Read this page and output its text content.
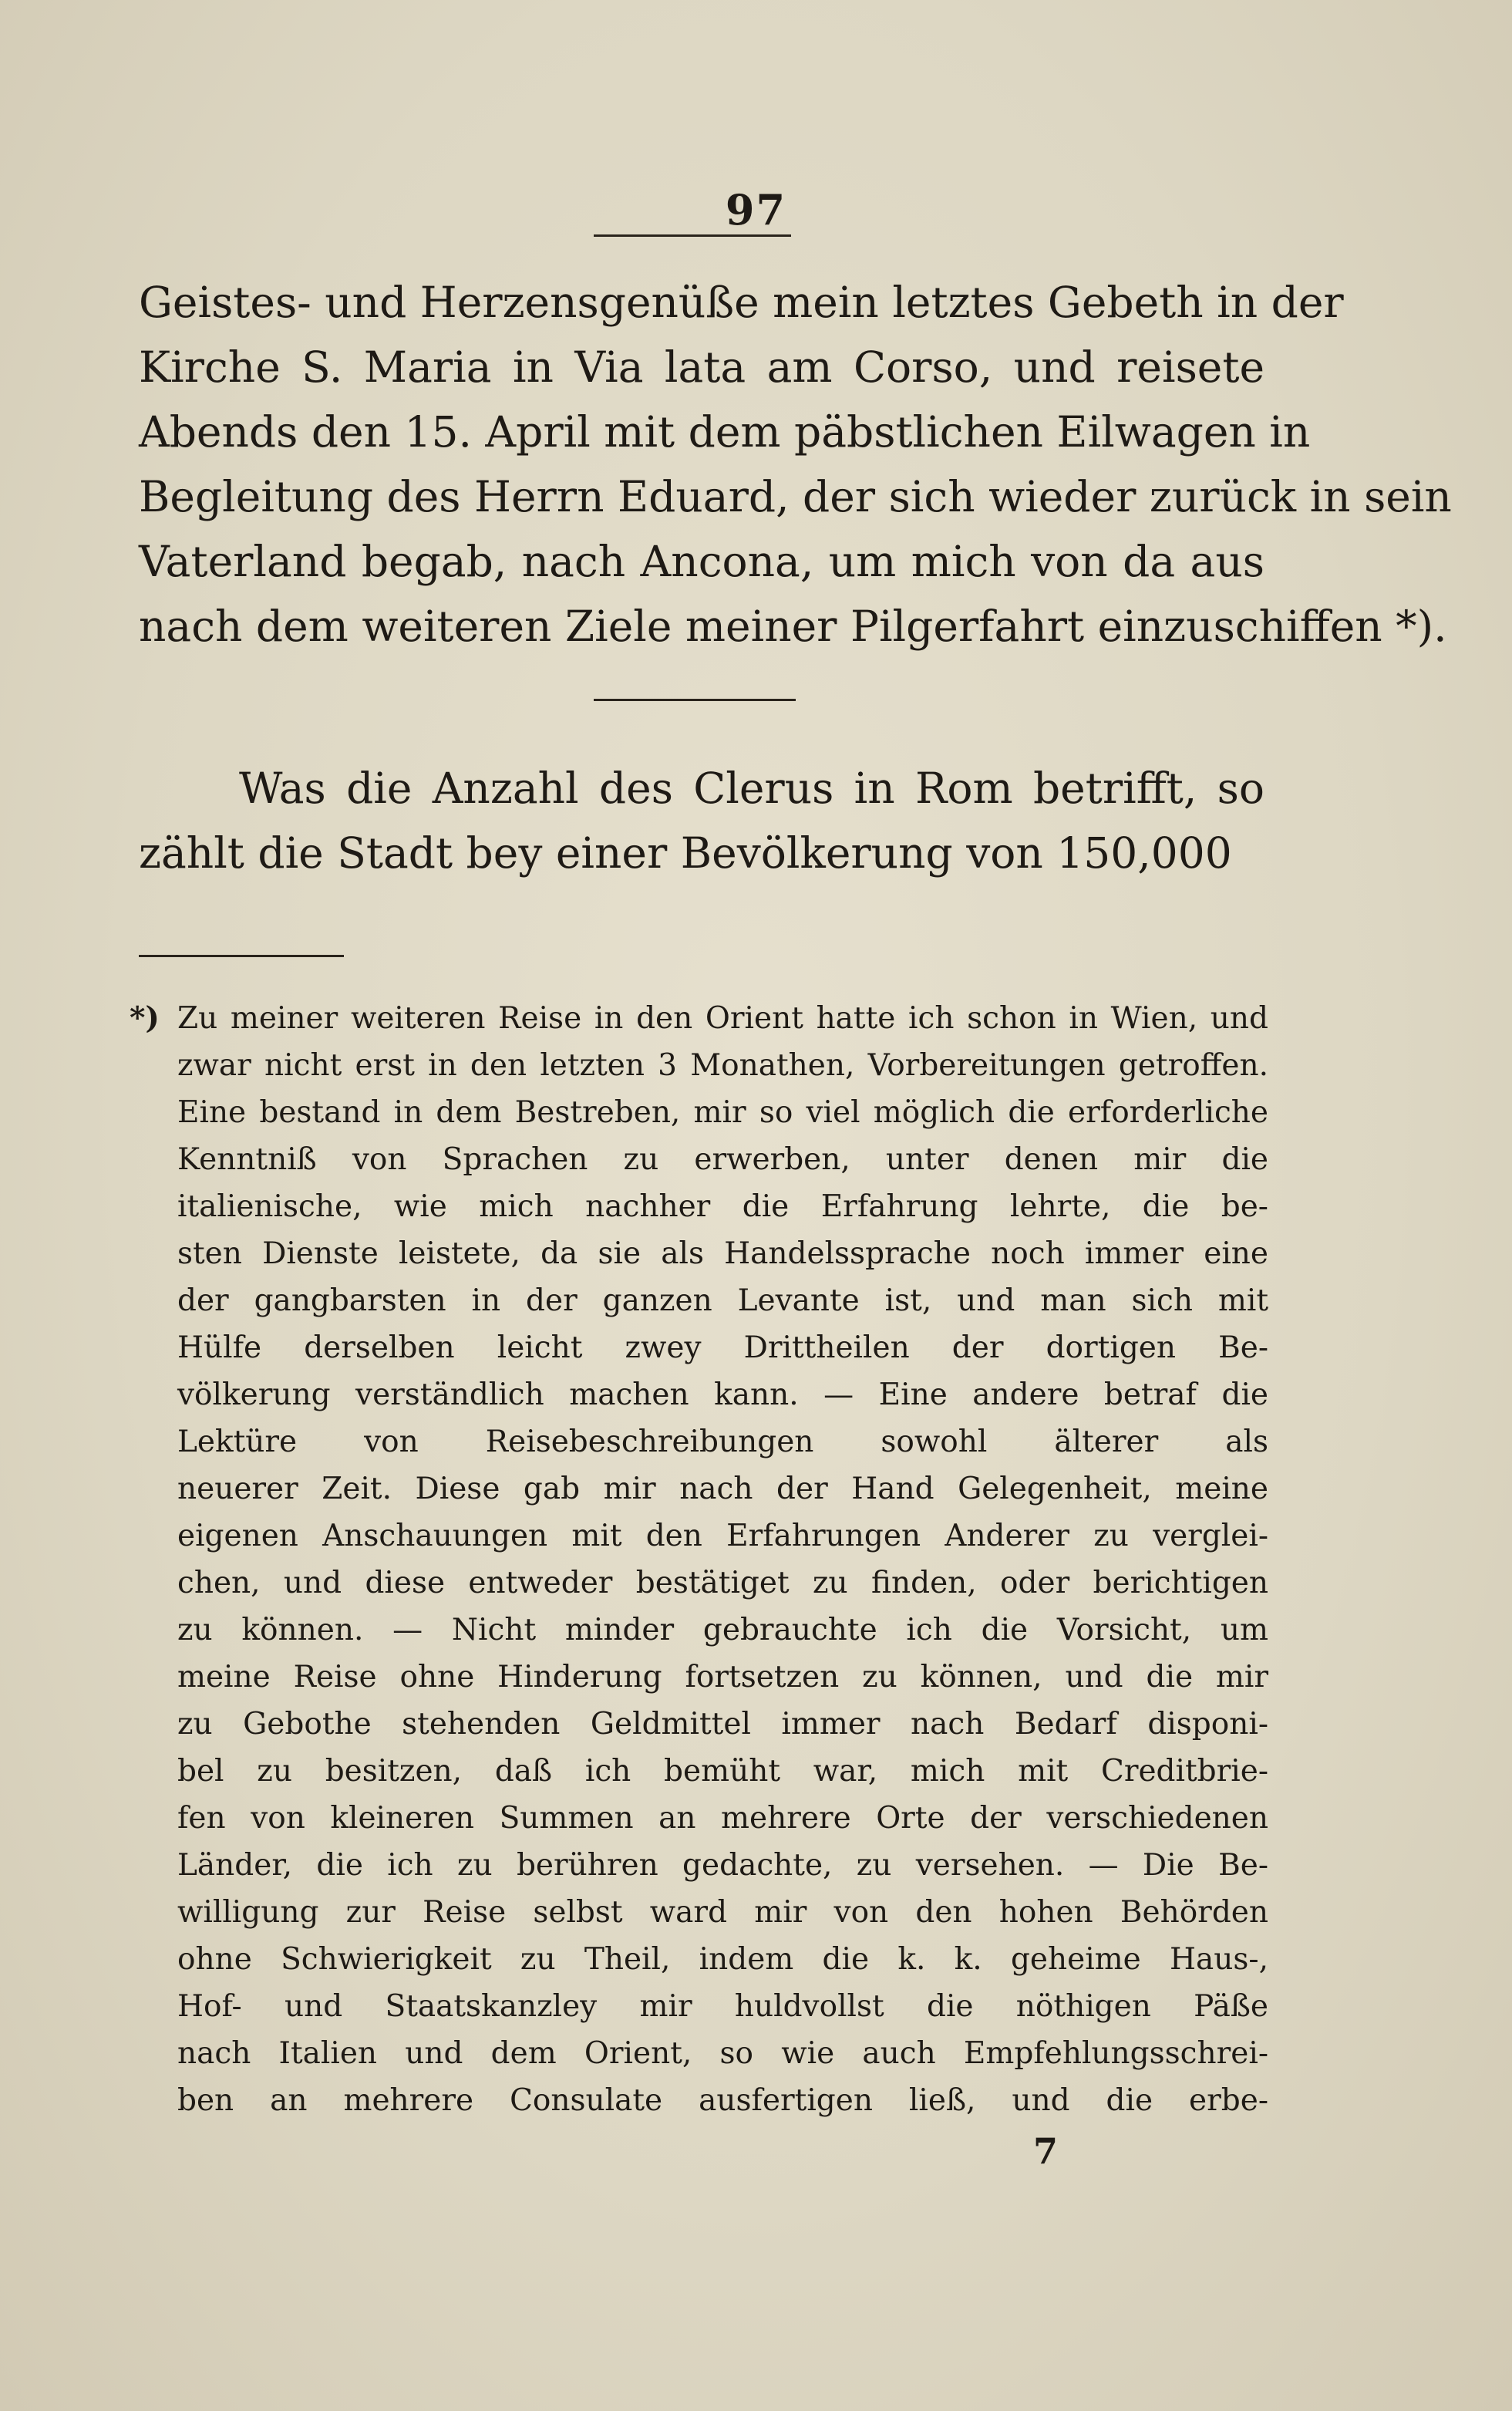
97
Geistes- und Herzensgenüße mein letztes Gebeth in der
Kirche S. Maria in Via lata am Corso, und reisete
Abends den 15. April mit dem päbstlichen Eilwagen in
Begleitung des Herrn Eduard, der sich wieder zurück in sein
Vaterland begab, nach Ancona, um mich von da aus
nach dem weiteren Ziele meiner Pilgerfahrt einzuschiffen *).
Was die Anzahl des Clerus in Rom betrifft, so
zählt die Stadt bey einer Bevölkerung von 150,000
*) Zu meiner weiteren Reise in den Orient hatte ich schon in Wien, und
zwar nicht erst in den letzten 3 Monathen, Vorbereitungen getroffen.
Eine bestand in dem Bestreben, mir so viel möglich die erforderliche
Kenntniß von Sprachen zu erwerben, unter denen mir die
italienische, wie mich nachher die Erfahrung lehrte, die be-
sten Dienste leistete, da sie als Handelssprache noch immer eine
der gangbarsten in der ganzen Levante ist, und man sich mit
Hülfe derselben leicht zwey Drittheilen der dortigen Be-
völkerung verständlich machen kann. — Eine andere betraf die
Lektüre von Reisebeschreibungen sowohl älterer als
neuerer Zeit. Diese gab mir nach der Hand Gelegenheit, meine
eigenen Anschauungen mit den Erfahrungen Anderer zu verglei-
chen, und diese entweder bestätiget zu finden, oder berichtigen
zu können. — Nicht minder gebrauchte ich die Vorsicht, um
meine Reise ohne Hinderung fortsetzen zu können, und die mir
zu Gebothe stehenden Geldmittel immer nach Bedarf disponi-
bel zu besitzen, daß ich bemüht war, mich mit Creditbrie-
fen von kleineren Summen an mehrere Orte der verschiedenen
Länder, die ich zu berühren gedachte, zu versehen. — Die Be-
willigung zur Reise selbst ward mir von den hohen Behörden
ohne Schwierigkeit zu Theil, indem die k. k. geheime Haus-,
Hof- und Staatskanzley mir huldvollst die nöthigen Päße
nach Italien und dem Orient, so wie auch Empfehlungsschrei-
ben an mehrere Consulate ausfertigen ließ, und die erbe-
7
